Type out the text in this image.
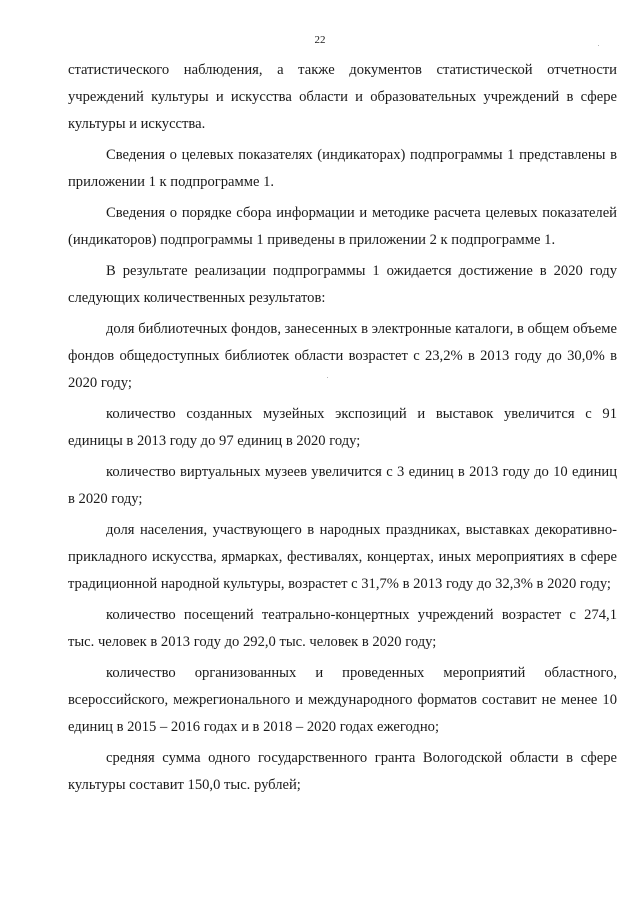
22

статистического наблюдения, а также документов статистической отчетности учреждений культуры и искусства области и образовательных учреждений в сфере культуры и искусства.

Сведения о целевых показателях (индикаторах) подпрограммы 1 представлены в приложении 1 к подпрограмме 1.

Сведения о порядке сбора информации и методике расчета целевых показателей (индикаторов) подпрограммы 1 приведены в приложении 2 к подпрограмме 1.

В результате реализации подпрограммы 1 ожидается достижение в 2020 году следующих количественных результатов:

доля библиотечных фондов, занесенных в электронные каталоги, в общем объеме фондов общедоступных библиотек области возрастет с 23,2% в 2013 году до 30,0% в 2020 году;

количество созданных музейных экспозиций и выставок увеличится с 91 единицы в 2013 году до 97 единиц в 2020 году;

количество виртуальных музеев увеличится с 3 единиц в 2013 году до 10 единиц в 2020 году;

доля населения, участвующего в народных праздниках, выставках декоративно-прикладного искусства, ярмарках, фестивалях, концертах, иных мероприятиях в сфере традиционной народной культуры, возрастет с 31,7% в 2013 году до 32,3% в 2020 году;

количество посещений театрально-концертных учреждений возрастет с 274,1 тыс. человек в 2013 году до 292,0 тыс. человек в 2020 году;

количество организованных и проведенных мероприятий областного, всероссийского, межрегионального и международного форматов составит не менее 10 единиц в 2015 – 2016 годах и в 2018 – 2020 годах ежегодно;

средняя сумма одного государственного гранта Вологодской области в сфере культуры составит 150,0 тыс. рублей;
